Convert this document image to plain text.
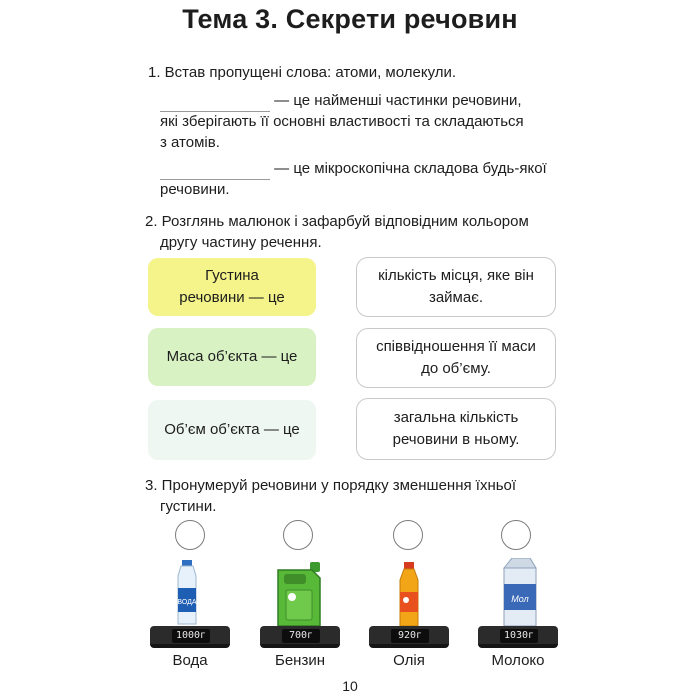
Тема 3. Секрети речовин
1. Встав пропущені слова: атоми, молекули.
— це найменші частинки речовини,
які зберігають її основні властивості та складаються
з атомів.
— це мікроскопічна складова будь-якої
речовини.
2. Розглянь малюнок і зафарбуй відповідним кольором
другу частину речення.
Густина
речовини — це
Маса об’єкта — це
Об’єм об’єкта — це
кількість місця, яке він
займає.
співвідношення її маси
до об’єму.
загальна кількість
речовини в ньому.
3. Пронумеруй речовини у порядку зменшення їхньої
густини.
ВОДА	Мол
1000г	700г	920г	1030г
Вода	Бензин	Олія	Молоко
10
